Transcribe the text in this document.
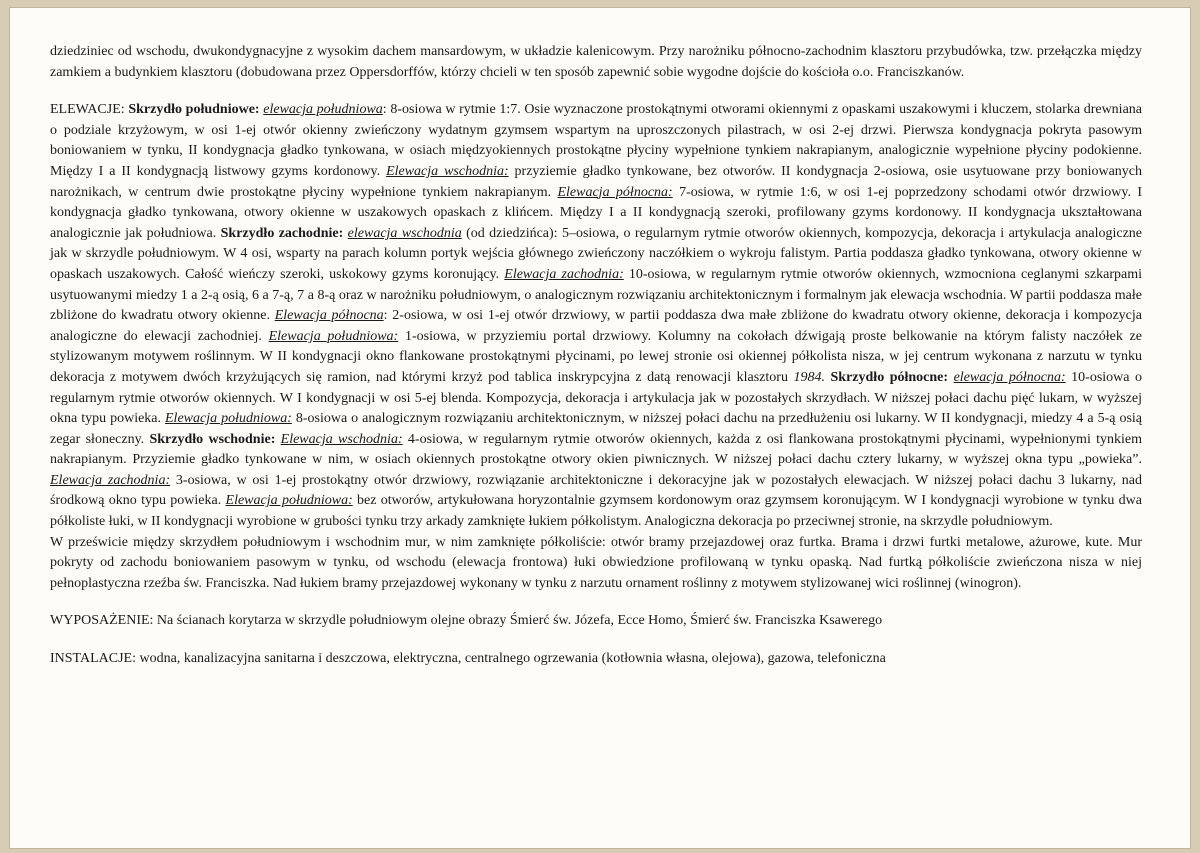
dziedziniec od wschodu, dwukondygnacyjne z wysokim dachem mansardowym, w układzie kalenicowym. Przy narożniku północno-zachodnim klasztoru przybudówka, tzw. przełączka między zamkiem a budynkiem klasztoru (dobudowana przez Oppersdorffów, którzy chcieli w ten sposób zapewnić sobie wygodne dojście do kościoła o.o. Franciszkanów.

ELEWACJE: Skrzydło południowe: elewacja południowa: 8-osiowa w rytmie 1:7. Osie wyznaczone prostokątnymi otworami okiennymi z opaskami uszakowymi i kluczem, stolarka drewniana o podziale krzyżowym, w osi 1-ej otwór okienny zwieńczony wydatnym gzymsem wspartym na uproszczonych pilastrach, w osi 2-ej drzwi. Pierwsza kondygnacja pokryta pasowym boniowaniem w tynku, II kondygnacja gładko tynkowana, w osiach międzyokiennych prostokątne płyciny wypełnione tynkiem nakrapianym, analogicznie wypełnione płyciny podokienne. Między I a II kondygnacją listwowy gzyms kordonowy. Elewacja wschodnia: przyziemie gładko tynkowane, bez otworów. II kondygnacja 2-osiowa, osie usytuowane przy boniowanych narożnikach, w centrum dwie prostokątne płyciny wypełnione tynkiem nakrapianym. Elewacja północna: 7-osiowa, w rytmie 1:6, w osi 1-ej poprzedzony schodami otwór drzwiowy. I kondygnacja gładko tynkowana, otwory okienne w uszakowych opaskach z klińcem. Między I a II kondygnacją szeroki, profilowany gzyms kordonowy. II kondygnacja ukształtowana analogicznie jak południowa. Skrzydło zachodnie: elewacja wschodnia (od dziedzińca): 5–osiowa, o regularnym rytmie otworów okiennych, kompozycja, dekoracja i artykulacja analogiczne jak w skrzydle południowym. W 4 osi, wsparty na parach kolumn portyk wejścia głównego zwieńczony naczółkiem o wykroju falistym. Partia poddasza gładko tynkowana, otwory okienne w opaskach uszakowych. Całość wieńczy szeroki, uskokowy gzyms koronujący. Elewacja zachodnia: 10-osiowa, w regularnym rytmie otworów okiennych, wzmocniona ceglanymi szkarpami usytuowanymi miedzy 1 a 2-ą osią, 6 a 7-ą, 7 a 8-ą oraz w narożniku południowym, o analogicznym rozwiązaniu architektonicznym i formalnym jak elewacja wschodnia. W partii poddasza małe zbliżone do kwadratu otwory okienne. Elewacja północna: 2-osiowa, w osi 1-ej otwór drzwiowy, w partii poddasza dwa małe zbliżone do kwadratu otwory okienne, dekoracja i kompozycja analogiczne do elewacji zachodniej. Elewacja południowa: 1-osiowa, w przyziemiu portal drzwiowy. Kolumny na cokołach dźwigają proste belkowanie na którym falisty naczółek ze stylizowanym motywem roślinnym. W II kondygnacji okno flankowane prostokątnymi płycinami, po lewej stronie osi okiennej półkolista nisza, w jej centrum wykonana z narzutu w tynku dekoracja z motywem dwóch krzyżujących się ramion, nad którymi krzyż pod tablica inskrypcyjna z datą renowacji klasztoru 1984. Skrzydło północne: elewacja północna: 10-osiowa o regularnym rytmie otworów okiennych. W I kondygnacji w osi 5-ej blenda. Kompozycja, dekoracja i artykulacja jak w pozostałych skrzydłach. W niższej połaci dachu pięć lukarn, w wyższej okna typu powieka. Elewacja południowa: 8-osiowa o analogicznym rozwiązaniu architektonicznym, w niższej połaci dachu na przedłużeniu osi lukarny. W II kondygnacji, miedzy 4 a 5-ą osią zegar słoneczny. Skrzydło wschodnie: Elewacja wschodnia: 4-osiowa, w regularnym rytmie otworów okiennych, każda z osi flankowana prostokątnymi płycinami, wypełnionymi tynkiem nakrapianym. Przyziemie gładko tynkowane w nim, w osiach okiennych prostokątne otwory okien piwnicznych. W niższej połaci dachu cztery lukarny, w wyższej okna typu „powieka”. Elewacja zachodnia: 3-osiowa, w osi 1-ej prostokątny otwór drzwiowy, rozwiązanie architektoniczne i dekoracyjne jak w pozostałych elewacjach. W niższej połaci dachu 3 lukarny, nad środkową okno typu powieka. Elewacja południowa: bez otworów, artykułowana horyzontalnie gzymsem kordonowym oraz gzymsem koronującym. W I kondygnacji wyrobione w tynku dwa półkoliste łuki, w II kondygnacji wyrobione w grubości tynku trzy arkady zamknięte łukiem półkolistym. Analogiczna dekoracja po przeciwnej stronie, na skrzydle południowym.

W prześwicie między skrzydłem południowym i wschodnim mur, w nim zamknięte półkoliście: otwór bramy przejazdowej oraz furtka. Brama i drzwi furtki metalowe, ażurowe, kute. Mur pokryty od zachodu boniowaniem pasowym w tynku, od wschodu (elewacja frontowa) łuki obwiedzione profilowaną w tynku opaską. Nad furtką półkoliście zwieńczona nisza w niej pełnoplastyczna rzeźba św. Franciszka. Nad łukiem bramy przejazdowej wykonany w tynku z narzutu ornament roślinny z motywem stylizowanej wici roślinnej (winogron).

WYPOSAŻENIE: Na ścianach korytarza w skrzydle południowym olejne obrazy Śmierć św. Józefa, Ecce Homo, Śmierć św. Franciszka Ksawerego

INSTALACJE: wodna, kanalizacyjna sanitarna i deszczowa, elektryczna, centralnego ogrzewania (kotłownia własna, olejowa), gazowa, telefoniczna
